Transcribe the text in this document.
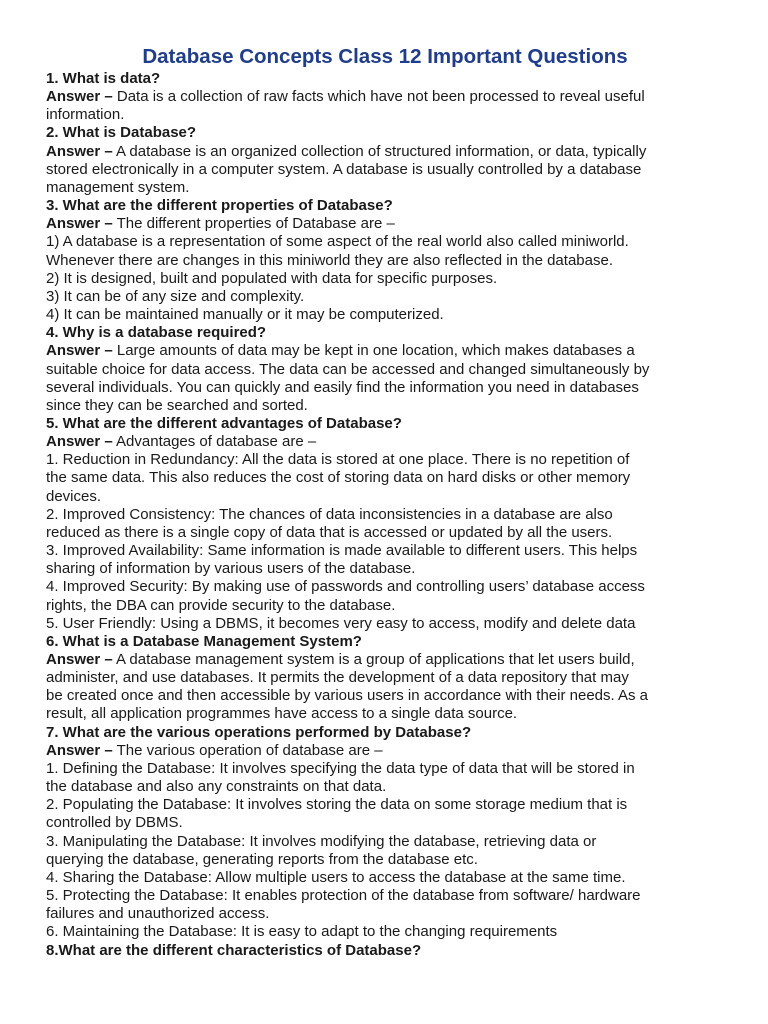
Database Concepts Class 12 Important Questions
1. What is data?
Answer – Data is a collection of raw facts which have not been processed to reveal useful
information.
2. What is Database?
Answer – A database is an organized collection of structured information, or data, typically
stored electronically in a computer system. A database is usually controlled by a database
management system.
3. What are the different properties of Database?
Answer – The different properties of Database are –
1) A database is a representation of some aspect of the real world also called miniworld.
Whenever there are changes in this miniworld they are also reflected in the database.
2) It is designed, built and populated with data for specific purposes.
3) It can be of any size and complexity.
4) It can be maintained manually or it may be computerized.
4. Why is a database required?
Answer – Large amounts of data may be kept in one location, which makes databases a
suitable choice for data access. The data can be accessed and changed simultaneously by
several individuals. You can quickly and easily find the information you need in databases
since they can be searched and sorted.
5. What are the different advantages of Database?
Answer – Advantages of database are –
1. Reduction in Redundancy: All the data is stored at one place. There is no repetition of
the same data. This also reduces the cost of storing data on hard disks or other memory
devices.
2. Improved Consistency: The chances of data inconsistencies in a database are also
reduced as there is a single copy of data that is accessed or updated by all the users.
3. Improved Availability: Same information is made available to different users. This helps
sharing of information by various users of the database.
4. Improved Security: By making use of passwords and controlling users’ database access
rights, the DBA can provide security to the database.
5. User Friendly: Using a DBMS, it becomes very easy to access, modify and delete data
6. What is a Database Management System?
Answer – A database management system is a group of applications that let users build,
administer, and use databases. It permits the development of a data repository that may
be created once and then accessible by various users in accordance with their needs. As a
result, all application programmes have access to a single data source.
7. What are the various operations performed by Database?
Answer – The various operation of database are –
1. Defining the Database: It involves specifying the data type of data that will be stored in
the database and also any constraints on that data.
2. Populating the Database: It involves storing the data on some storage medium that is
controlled by DBMS.
3. Manipulating the Database: It involves modifying the database, retrieving data or
querying the database, generating reports from the database etc.
4. Sharing the Database: Allow multiple users to access the database at the same time.
5. Protecting the Database: It enables protection of the database from software/ hardware
failures and unauthorized access.
6. Maintaining the Database: It is easy to adapt to the changing requirements
8.What are the different characteristics of Database?
